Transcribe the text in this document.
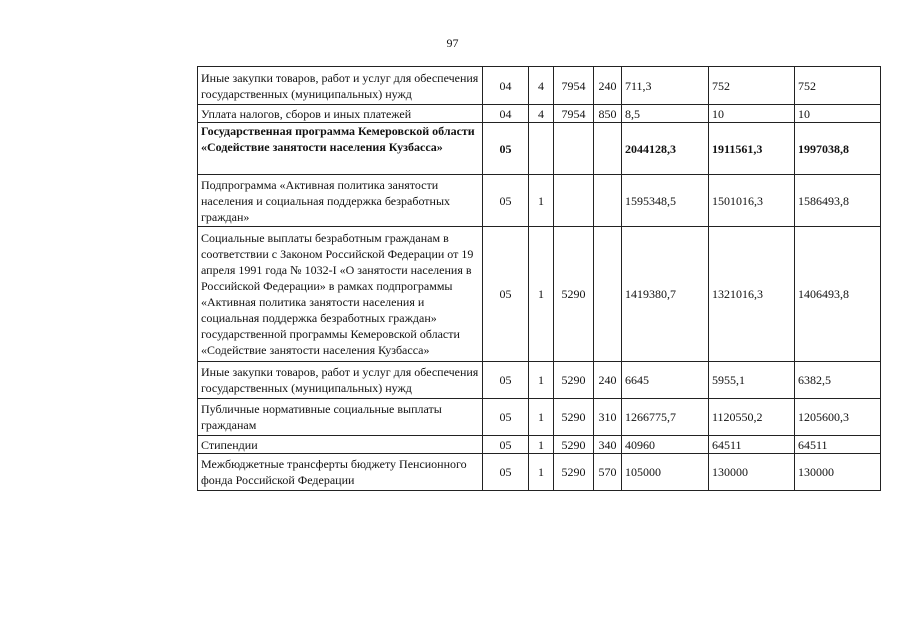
97
Иные закупки товаров, работ и услуг для обеспечения государственных (муниципальных) нужд	04	4	7954	240	711,3	752	752
Уплата налогов, сборов и иных платежей	04	4	7954	850	8,5	10	10
Государственная программа Кемеровской области «Содействие занятости населения Кузбасса»	05				2044128,3	1911561,3	1997038,8
Подпрограмма «Активная политика занятости населения и социальная поддержка безработных граждан»	05	1			1595348,5	1501016,3	1586493,8
Социальные выплаты безработным гражданам в соответствии с Законом Российской Федерации от 19 апреля 1991 года № 1032-I «О занятости населения в Российской Федерации» в рамках подпрограммы «Активная политика занятости населения и социальная поддержка безработных граждан» государственной программы Кемеровской области «Содействие занятости населения Кузбасса»	05	1	5290		1419380,7	1321016,3	1406493,8
Иные закупки товаров, работ и услуг для обеспечения государственных (муниципальных) нужд	05	1	5290	240	6645	5955,1	6382,5
Публичные нормативные социальные выплаты гражданам	05	1	5290	310	1266775,7	1120550,2	1205600,3
Стипендии	05	1	5290	340	40960	64511	64511
Межбюджетные трансферты бюджету Пенсионного фонда Российской Федерации	05	1	5290	570	105000	130000	130000
